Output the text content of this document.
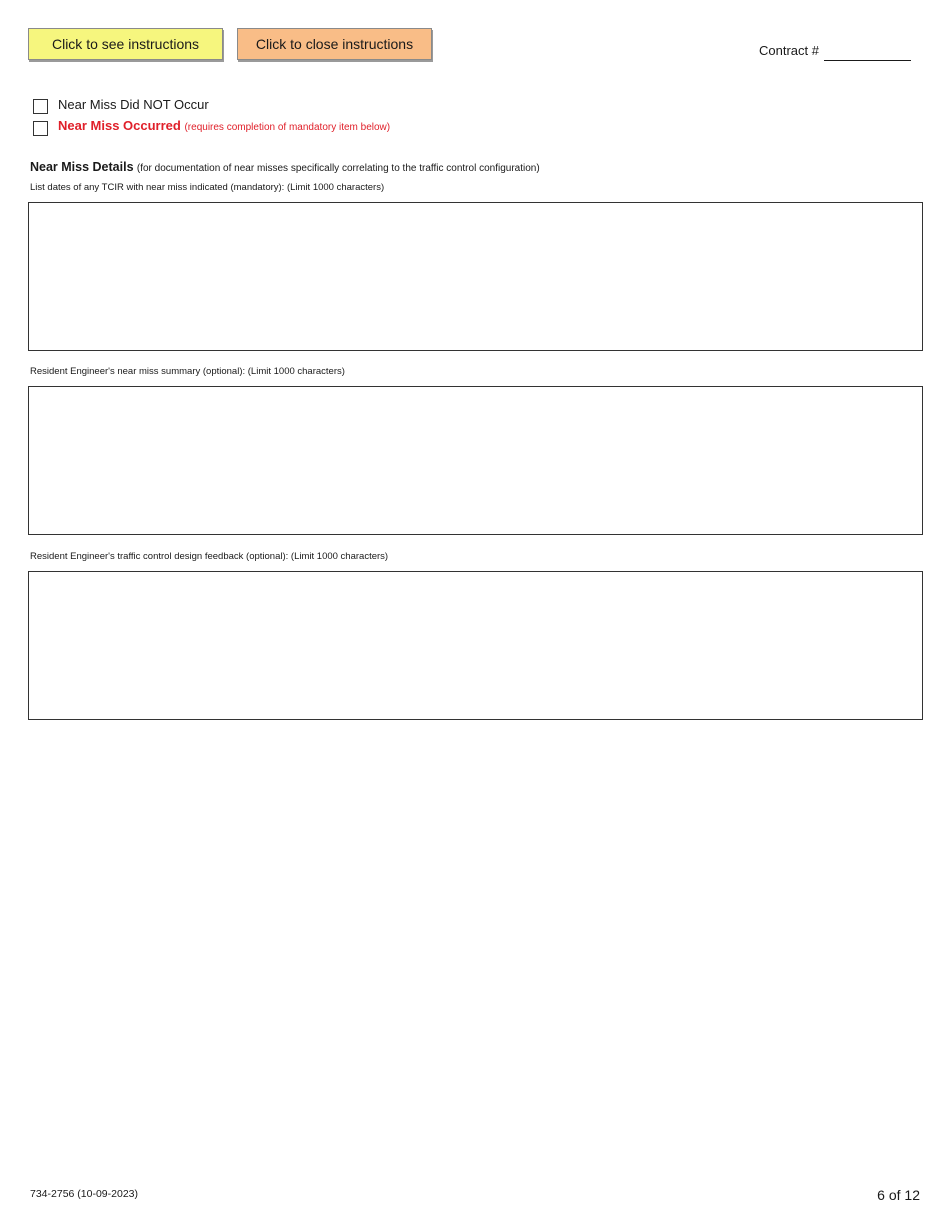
Click to see instructions	Click to close instructions	Contract #
Near Miss Did NOT Occur
Near Miss Occurred (requires completion of mandatory item below)
Near Miss Details (for documentation of near misses specifically correlating to the traffic control configuration)
List dates of any TCIR with near miss indicated (mandatory): (Limit 1000 characters)
Resident Engineer's near miss summary (optional): (Limit 1000 characters)
Resident Engineer's traffic control design feedback (optional): (Limit 1000 characters)
734-2756 (10-09-2023)	6 of 12
